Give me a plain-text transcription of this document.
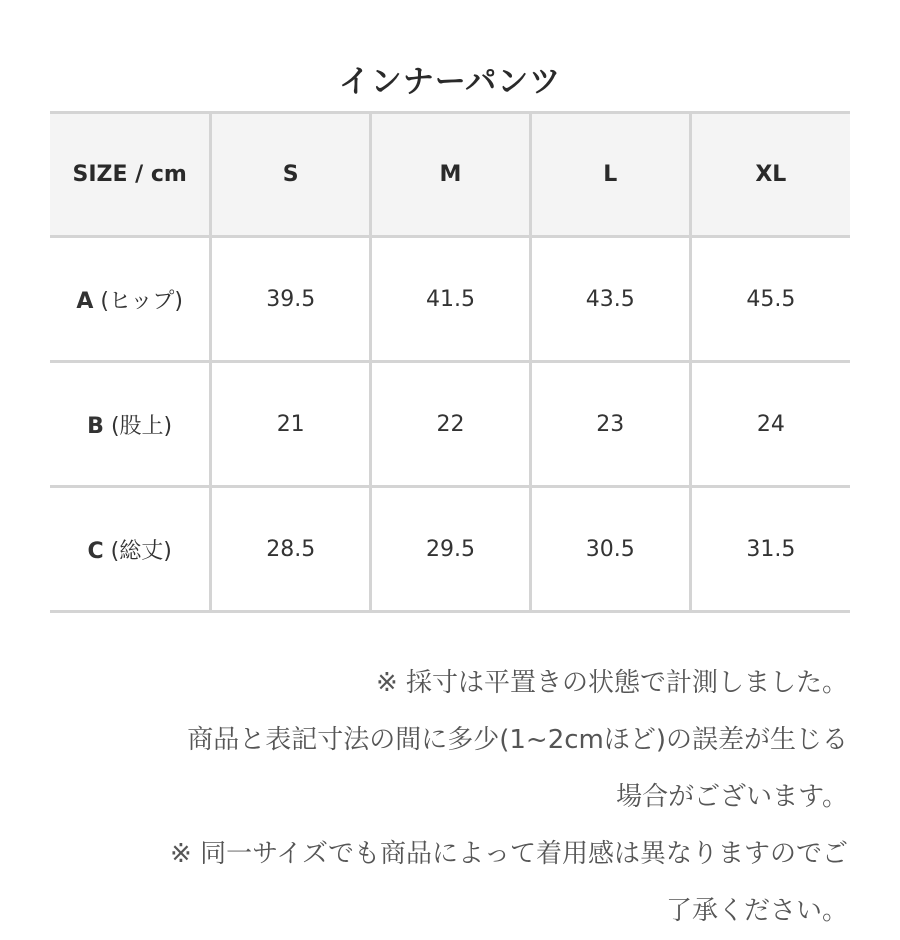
インナーパンツ
SIZE / cm	S	M	L	XL
A (ヒップ)	39.5	41.5	43.5	45.5
B (股上)	21	22	23	24
C (総丈)	28.5	29.5	30.5	31.5

※ 採寸は平置きの状態で計測しました。

商品と表記寸法の間に多少(1~2cmほど)の誤差が生じる

場合がございます。

※ 同一サイズでも商品によって着用感は異なりますのでご

了承ください。
